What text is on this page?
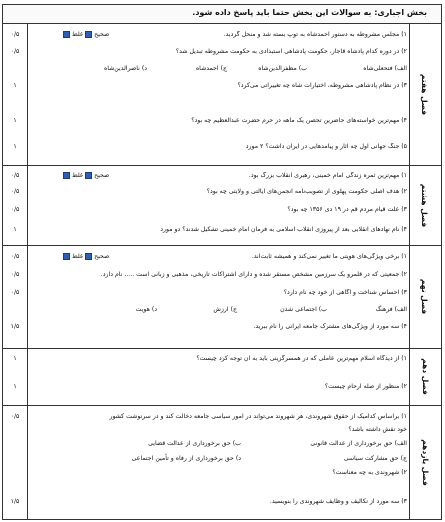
بخش اجباری: به سوالات این بخش حتما باید پاسخ داده شود.
فصل هفتم
۱) مجلس مشروطه به دستور احمدشاه به توپ بسته شد و منحل گردید.
صحیح
غلط
۰/۵
۲) در دوره کدام پادشاه قاجار، حکومت پادشاهی استبدادی به حکومت مشروطه تبدیل شد؟
۰/۵
الف) فتحعلی‌شاه
ب) مظفرالدین‌شاه
ج) احمدشاه
د) ناصرالدین‌شاه
۳) در نظام پادشاهی مشروطه، اختیارات شاه چه تغییراتی می‌کرد؟
۱
۴) مهم‌ترین خواسته‌های حاضرین تحصن یک ماهه در حرم حضرت عبدالعظیم چه بود؟
۱
۵) جنگ جهانی اول چه آثار و پیامدهایی در ایران داشت؟ ۲ مورد
۱
فصل هشتم
۱) مهم‌ترین ثمره زندگی امام خمینی، رهبری انقلاب بزرگ بود.
صحیح
غلط
۰/۵
۲) هدف اصلی حکومت پهلوی از تصویب‌نامه انجمن‌های ایالتی و ولایتی چه بود؟
۰/۵
۳) علت قیام مردم قم در ۱۹ دی ۱۳۵۶ چه بود؟
۰/۵
۴) نام نهادهای انقلابی بعد از پیروزی انقلاب اسلامی به فرمان امام خمینی تشکیل شدند؟ دو مورد
۱
فصل نهم
۱) برخی ویژگی‌های هویتی ما تغییر نمی‌کند و همیشه ثابت‌اند.
صحیح
غلط
۰/۵
۲) جمعیتی که در قلمرو یک سرزمین مشخص مستقر شده و دارای اشتراکات تاریخی، مذهبی و زبانی است ..... نام دارد.
۰/۵
۳) احساس شناخت و آگاهی از خود چه نام دارد؟
۰/۵
الف) فرهنگ
ب) اجتماعی شدن
ج) ارزش
د) هویت
۴) سه مورد از ویژگی‌های مشترک جامعه ایرانی را نام ببرید.
۱/۵
فصل دهم
۱) از دیدگاه اسلام مهم‌ترین عاملی که در همسرگزینی باید به آن توجه کرد چیست؟
۱
۲) منظور از صله ارحام چیست؟
۱
فصل یازدهم
۱) براساس کدامیک از حقوق شهروندی، هر شهروند می‌تواند در امور سیاسی جامعه دخالت کند و در سرنوشت کشور
خود نقش داشته باشد؟
۰/۵
الف) حق برخورداری از عدالت قانونی
ب) حق برخورداری از عدالت قضایی
ج) حق مشارکت سیاسی
د) حق برخورداری از رفاه و تأمین اجتماعی
۲) شهروندی به چه معناست؟
۳) سه مورد از تکالیف و وظایف شهروندی را بنویسید.
۱/۵
